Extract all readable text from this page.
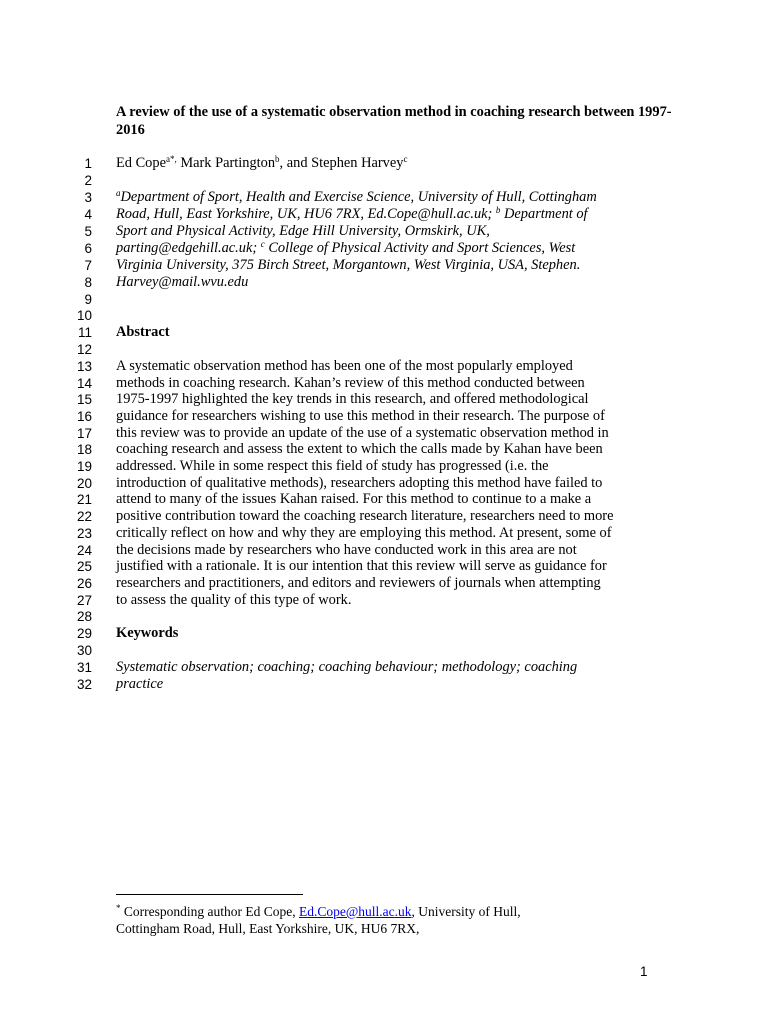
A review of the use of a systematic observation method in coaching research between 1997-2016
1 Ed Cope$^{a*,}$ Mark Partington$^b$, and Stephen Harvey$^c$
2
3	$^a$Department of Sport, Health and Exercise Science, University of Hull, Cottingham
4 Road, Hull, East Yorkshire, UK, HU6 7RX, Ed.Cope@hull.ac.uk; $^b$ Department of
5 Sport and Physical Activity, Edge Hill University, Ormskirk, UK,
6 parting@edgehill.ac.uk; $^c$ College of Physical Activity and Sport Sciences, West
7 Virginia University, 375 Birch Street, Morgantown, West Virginia, USA, Stephen.
8 Harvey@mail.wvu.edu
9
10
11 Abstract
12
13 A systematic observation method has been one of the most popularly employed
14 methods in coaching research. Kahan’s review of this method conducted between
15 1975-1997 highlighted the key trends in this research, and offered methodological
16 guidance for researchers wishing to use this method in their research. The purpose of
17 this review was to provide an update of the use of a systematic observation method in
18 coaching research and assess the extent to which the calls made by Kahan have been
19 addressed. While in some respect this field of study has progressed (i.e. the
20 introduction of qualitative methods), researchers adopting this method have failed to
21 attend to many of the issues Kahan raised. For this method to continue to a make a
22 positive contribution toward the coaching research literature, researchers need to more
23 critically reflect on how and why they are employing this method. At present, some of
24 the decisions made by researchers who have conducted work in this area are not
25 justified with a rationale. It is our intention that this review will serve as guidance for
26 researchers and practitioners, and editors and reviewers of journals when attempting
27 to assess the quality of this type of work.
28
29 Keywords
30
31 Systematic observation; coaching; coaching behaviour; methodology; coaching
32 practice
* Corresponding author Ed Cope, Ed.Cope@hull.ac.uk, University of Hull,
Cottingham Road, Hull, East Yorkshire, UK, HU6 7RX,
1
